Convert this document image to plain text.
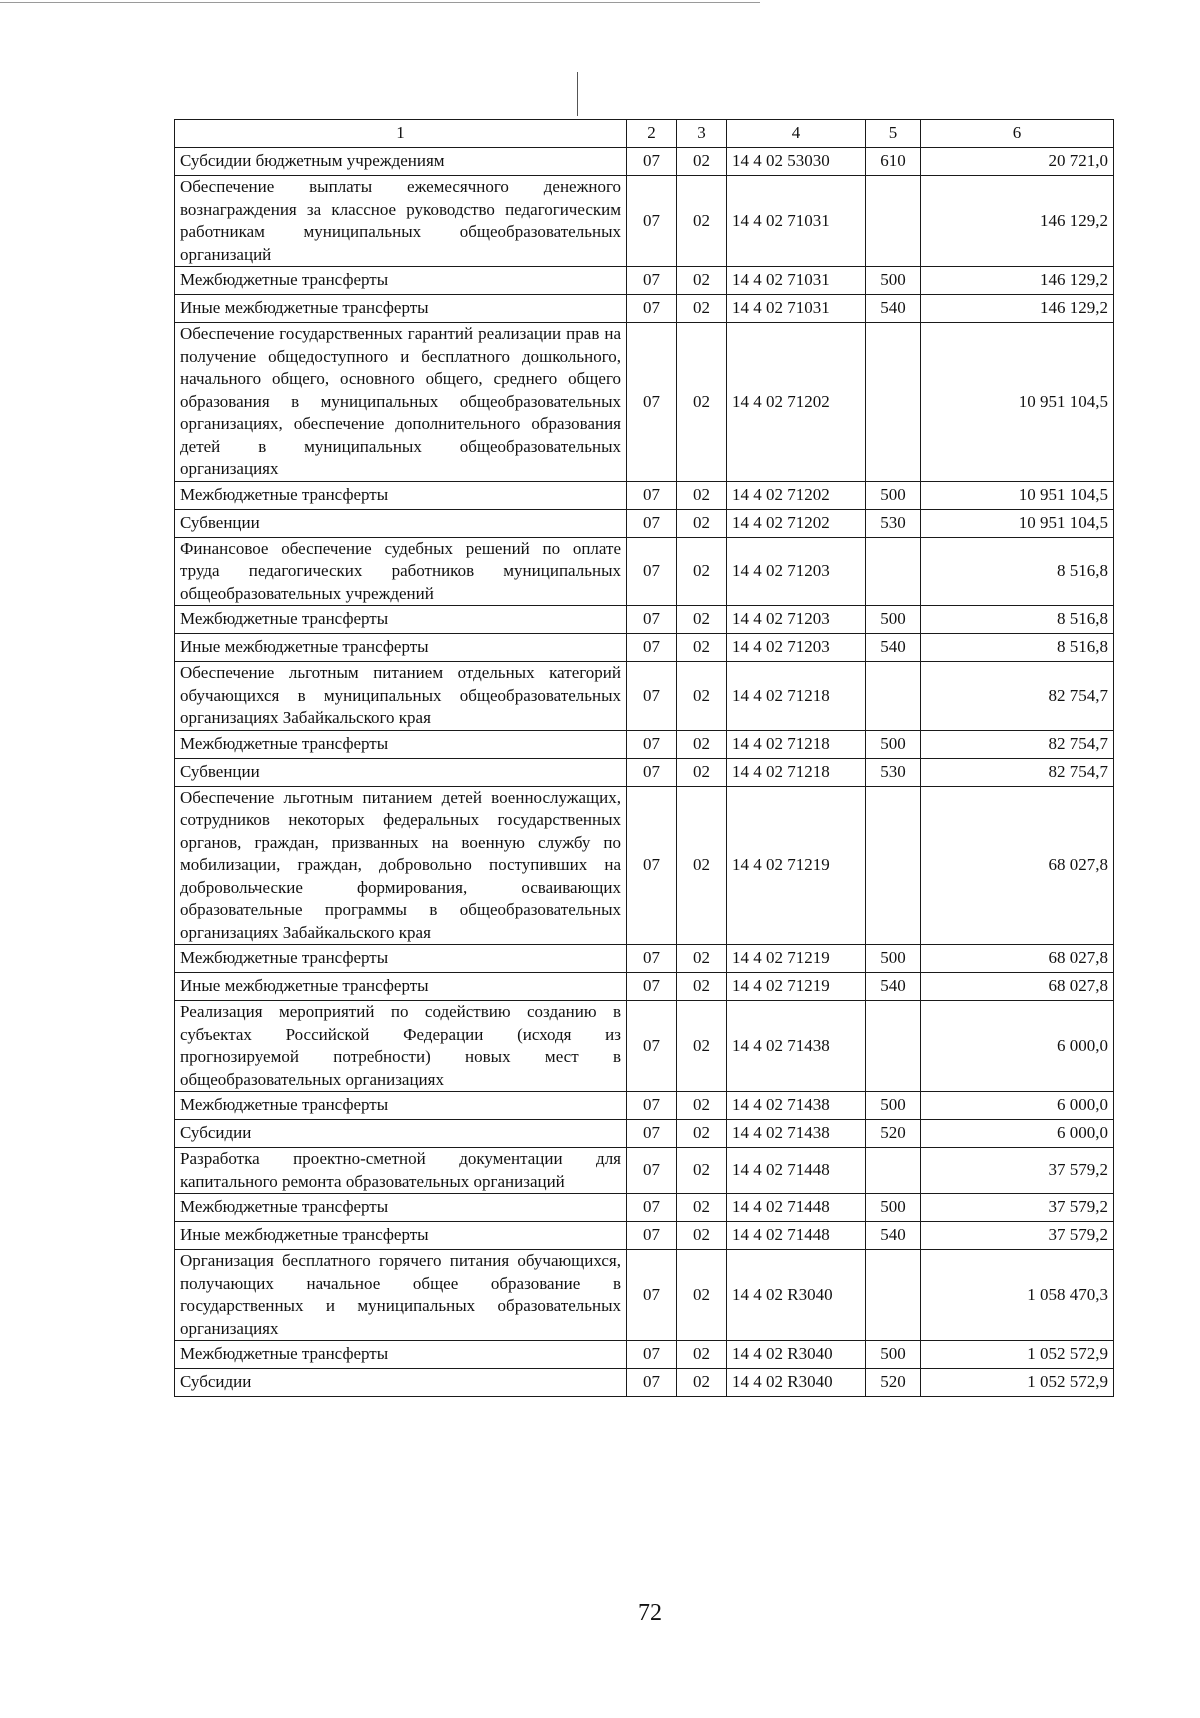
1	2	3	4	5	6
Субсидии бюджетным учреждениям	07	02	14 4 02 53030	610	20 721,0
Обеспечение выплаты ежемесячного денежного вознаграждения за классное руководство педагогическим работникам муниципальных общеобразовательных организаций	07	02	14 4 02 71031		146 129,2
Межбюджетные трансферты	07	02	14 4 02 71031	500	146 129,2
Иные межбюджетные трансферты	07	02	14 4 02 71031	540	146 129,2
Обеспечение государственных гарантий реализации прав на получение общедоступного и бесплатного дошкольного, начального общего, основного общего, среднего общего образования в муниципальных общеобразовательных организациях, обеспечение дополнительного образования детей в муниципальных общеобразовательных организациях	07	02	14 4 02 71202		10 951 104,5
Межбюджетные трансферты	07	02	14 4 02 71202	500	10 951 104,5
Субвенции	07	02	14 4 02 71202	530	10 951 104,5
Финансовое обеспечение судебных решений по оплате труда педагогических работников муниципальных общеобразовательных учреждений	07	02	14 4 02 71203		8 516,8
Межбюджетные трансферты	07	02	14 4 02 71203	500	8 516,8
Иные межбюджетные трансферты	07	02	14 4 02 71203	540	8 516,8
Обеспечение льготным питанием отдельных категорий обучающихся в муниципальных общеобразовательных организациях Забайкальского края	07	02	14 4 02 71218		82 754,7
Межбюджетные трансферты	07	02	14 4 02 71218	500	82 754,7
Субвенции	07	02	14 4 02 71218	530	82 754,7
Обеспечение льготным питанием детей военнослужащих, сотрудников некоторых федеральных государственных органов, граждан, призванных на военную службу по мобилизации, граждан, добровольно поступивших на добровольческие формирования, осваивающих образовательные программы в общеобразовательных организациях Забайкальского края	07	02	14 4 02 71219		68 027,8
Межбюджетные трансферты	07	02	14 4 02 71219	500	68 027,8
Иные межбюджетные трансферты	07	02	14 4 02 71219	540	68 027,8
Реализация мероприятий по содействию созданию в субъектах Российской Федерации (исходя из прогнозируемой потребности) новых мест в общеобразовательных организациях	07	02	14 4 02 71438		6 000,0
Межбюджетные трансферты	07	02	14 4 02 71438	500	6 000,0
Субсидии	07	02	14 4 02 71438	520	6 000,0
Разработка проектно-сметной документации для капитального ремонта образовательных организаций	07	02	14 4 02 71448		37 579,2
Межбюджетные трансферты	07	02	14 4 02 71448	500	37 579,2
Иные межбюджетные трансферты	07	02	14 4 02 71448	540	37 579,2
Организация бесплатного горячего питания обучающихся, получающих начальное общее образование в государственных и муниципальных образовательных организациях	07	02	14 4 02 R3040		1 058 470,3
Межбюджетные трансферты	07	02	14 4 02 R3040	500	1 052 572,9
Субсидии	07	02	14 4 02 R3040	520	1 052 572,9
72
